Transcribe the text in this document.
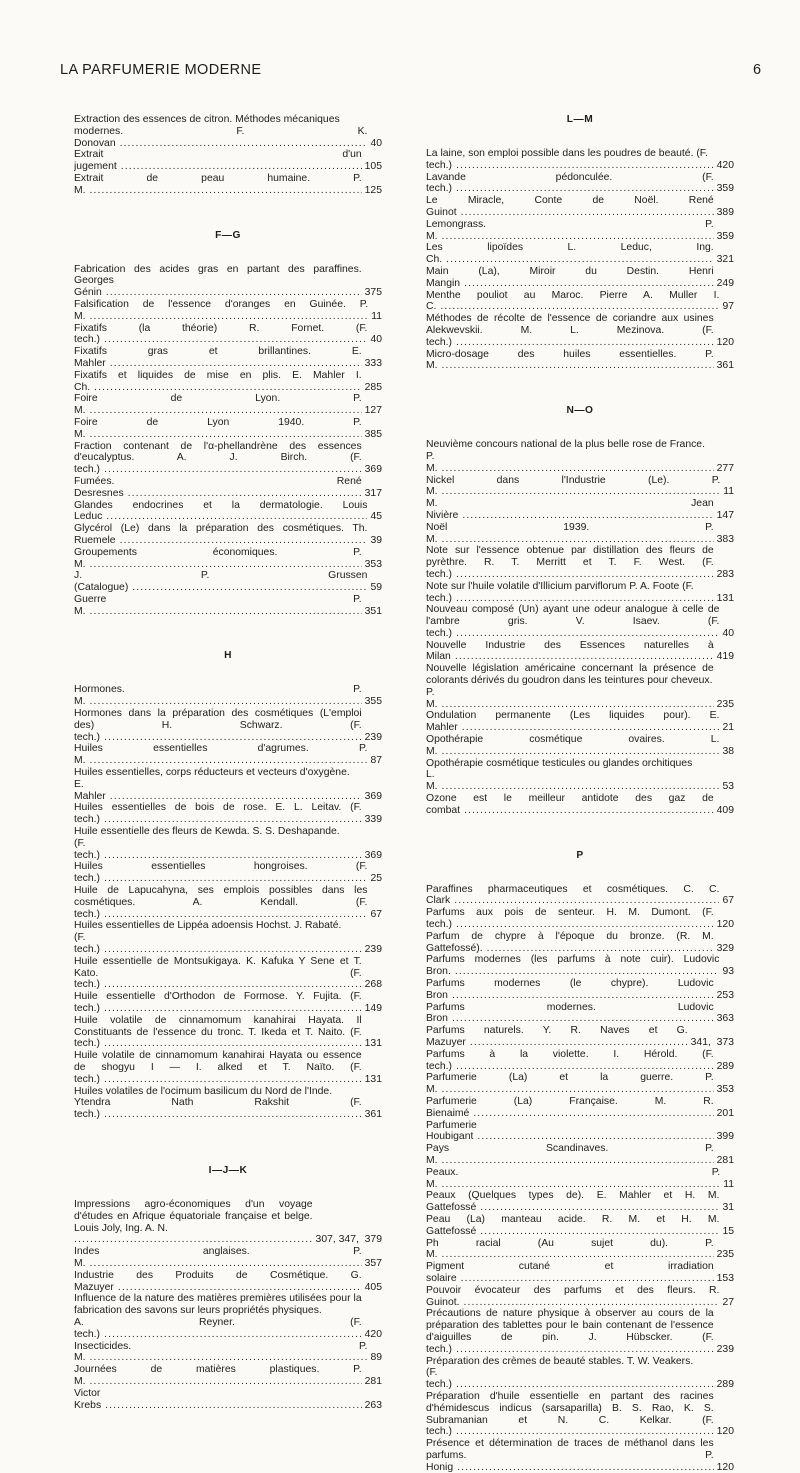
LA PARFUMERIE MODERNE	6
Extraction des essences de citron. Méthodes mécaniques
modernes. F. K. Donovan .....	40
Extrait d'un jugement .....	105
Extrait de peau humaine. P. M. .....	125
F—G
Fabrication des acides gras en partant des paraffines. Georges
Génin .....	375
Falsification de l'essence d'oranges en Guinée. P. M. .....	11
Fixatifs (la théorie) R. Fornet. (F. tech.) .....	40
Fixatifs gras et brillantines. E. Mahler .....	333
Fixatifs et liquides de mise en plis. E. Mahler I. Ch. .....	285
Foire de Lyon. P. M. .....	127
Foire de Lyon 1940. P. M. .....	385
Fraction contenant de l'α-phellandrène des essences d'eucalyptus. A. J. Birch. (F. tech.) .....	369
Fumées. René Desresnes .....	317
Glandes endocrines et la dermatologie. Louis Leduc .....	45
Glycérol (Le) dans la préparation des cosmétiques. Th. Ruemele .....	39
Groupements économiques. P. M. .....	353
J. P. Grussen (Catalogue) .....	59
Guerre P. M. .....	351
H
Hormones. P. M. .....	355
Hormones dans la préparation des cosmétiques (L'emploi des) H. Schwarz. (F. tech.) .....	239
Huiles essentielles d'agrumes. P. M. .....	87
Huiles essentielles, corps réducteurs et vecteurs d'oxygène.
E. Mahler .....	369
Huiles essentielles de bois de rose. E. L. Leitav. (F. tech.) .....	339
Huile essentielle des fleurs de Kewda. S. S. Deshapande.
(F. tech.) .....	369
Huiles essentielles hongroises. (F. tech.) .....	25
Huile de Lapucahyna, ses emplois possibles dans les cosmétiques. A. Kendall. (F. tech.) .....	67
Huiles essentielles de Lippéa adoensis Hochst. J. Rabaté.
(F. tech.) .....	239
Huile essentielle de Montsukigaya. K. Kafuka Y Sene et T. Kato. (F. tech.) .....	268
Huile essentielle d'Orthodon de Formose. Y. Fujita. (F. tech.) .....	149
Huile volatile de cinnamomum kanahirai Hayata. Il Constituants de l'essence du tronc. T. Ikeda et T. Naito. (F. tech.) .....	131
Huile volatile de cinnamomum kanahirai Hayata ou essence de shogyu I — I. alked et T. Naïto. (F. tech.) .....	131
Huiles volatiles de l'ocimum basilicum du Nord de l'Inde.
Ytendra Nath Rakshit (F. tech.) .....	361
I—J—K
Impressions agro-économiques d'un voyage d'études en Afrique équatoriale française et belge. Louis Joly, Ing. A. N.
.....
307, 347,  379
Indes anglaises. P. M. .....	357
Industrie des Produits de Cosmétique. G. Mazuyer .....	405
Influence de la nature des matières premières utilisées pour la fabrication des savons sur leurs propriétés physiques.
A. Reyner. (F. tech.) .....	420
Insecticides. P. M. .....	89
Journées de matières plastiques. P. M. .....	281
Victor Krebs .....	263
L—M
La laine, son emploi possible dans les poudres de beauté. (F.
tech.) .....	420
Lavande pédonculée. (F. tech.) .....	359
Le Miracle, Conte de Noël. René Guinot .....	389
Lemongrass. P. M. .....	359
Les lipoïdes L. Leduc, Ing. Ch. .....	321
Main (La), Miroir du Destin. Henri Mangin .....	249
Menthe pouliot au Maroc. Pierre A. Muller I. C. .....	97
Méthodes de récolte de l'essence de coriandre aux usines Alekwevskii. M. L. Mezinova. (F. tech.) .....	120
Micro-dosage des huiles essentielles. P. M. .....	361
N—O
Neuvième concours national de la plus belle rose de France.
P. M. .....	277
Nickel dans l'Industrie (Le). P. M. .....	11
M. Jean Nivière .....	147
Noël 1939. P. M. .....	383
Note sur l'essence obtenue par distillation des fleurs de pyrèthre. R. T. Merritt et T. F. West. (F. tech.) .....	283
Note sur l'huile volatile d'Illicium parviflorum P. A. Foote (F.
tech.) .....	131
Nouveau composé (Un) ayant une odeur analogue à celle de l'ambre gris. V. Isaev. (F. tech.) .....	40
Nouvelle Industrie des Essences naturelles à Milan .....	419
Nouvelle législation américaine concernant la présence de colorants dérivés du goudron dans les teintures pour cheveux.
P. M. .....	235
Ondulation permanente (Les liquides pour). E. Mahler .....	21
Opothérapie cosmétique ovaires. L. M. .....	38
Opothérapie cosmétique testicules ou glandes orchitiques
L. M. .....	53
Ozone est le meilleur antidote des gaz de combat .....	409
P
Paraffines pharmaceutiques et cosmétiques. C. C. Clark .....	67
Parfums aux pois de senteur. H. M. Dumont. (F. tech.) .....	120
Parfum de chypre à l'époque du bronze. (R. M. Gattefossé). .....	329
Parfums modernes (les parfums à note cuir). Ludovic Bron. .....	93
Parfums modernes (le chypre). Ludovic Bron .....	253
Parfums modernes. Ludovic Bron .....	363
Parfums naturels. Y. R. Naves et G. Mazuyer .....	341,  373
Parfums à la violette. I. Hérold. (F. tech.) .....	289
Parfumerie (La) et la guerre. P. M. .....	353
Parfumerie (La) Française. M. R. Bienaimé .....	201
Parfumerie Houbigant .....	399
Pays Scandinaves. P. M. .....	281
Peaux. P. M. .....	11
Peaux (Quelques types de). E. Mahler et H. M. Gattefossé .....	31
Peau (La) manteau acide. R. M. et H. M. Gattefossé .....	15
Ph racial (Au sujet du). P. M. .....	235
Pigment cutané et irradiation solaire .....	153
Pouvoir évocateur des parfums et des fleurs. R. Guinot. .....	27
Précautions de nature physique à observer au cours de la préparation des tablettes pour le bain contenant de l'essence d'aiguilles de pin. J. Hübscker. (F. tech.) .....	239
Préparation des crèmes de beauté stables. T. W. Veakers.
(F. tech.) .....	289
Préparation d'huile essentielle en partant des racines d'hémidescus indicus (sarsaparilla) B. S. Rao, K. S. Subramanian et N. C. Kelkar. (F. tech.) .....	120
Présence et détermination de traces de méthanol dans les parfums. P. Honig .....	120
